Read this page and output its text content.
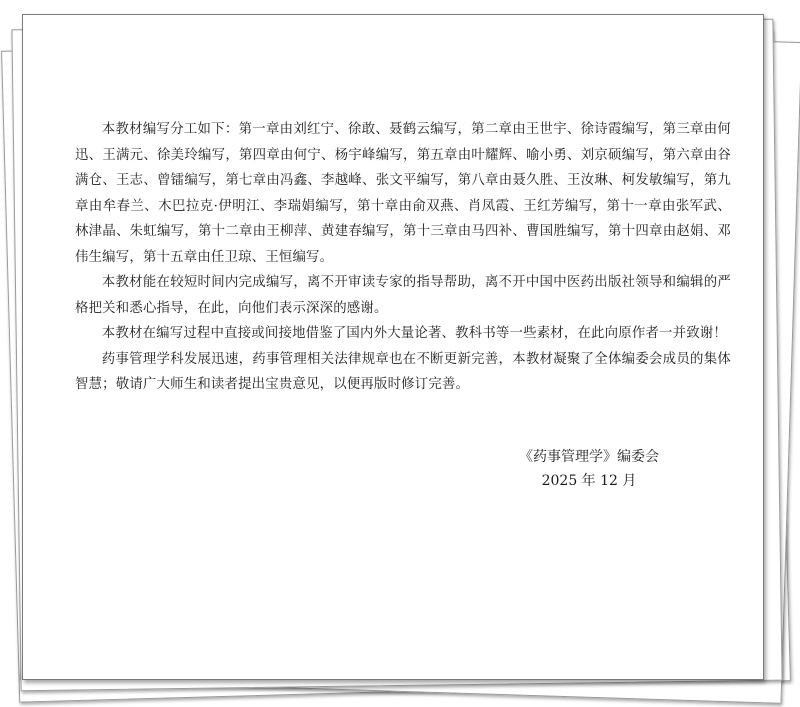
本教材编写分工如下：第一章由刘红宁、徐敢、聂鹤云编写，第二章由王世宇、徐诗霞编写，第三章由何迅、王满元、徐美玲编写，第四章由何宁、杨宇峰编写，第五章由叶耀辉、喻小勇、刘京硕编写，第六章由谷满仓、王志、曾镭编写，第七章由冯鑫、李越峰、张文平编写，第八章由聂久胜、王汝琳、柯发敏编写，第九章由牟春兰、木巴拉克·伊明江、李瑞娟编写，第十章由俞双燕、肖凤霞、王红芳编写，第十一章由张军武、林津晶、朱虹编写，第十二章由王柳萍、黄建春编写，第十三章由马四补、曹国胜编写，第十四章由赵娟、邓伟生编写，第十五章由任卫琼、王恒编写。

本教材能在较短时间内完成编写，离不开审读专家的指导帮助，离不开中国中医药出版社领导和编辑的严格把关和悉心指导，在此，向他们表示深深的感谢。

本教材在编写过程中直接或间接地借鉴了国内外大量论著、教科书等一些素材，在此向原作者一并致谢！

药事管理学科发展迅速，药事管理相关法律规章也在不断更新完善，本教材凝聚了全体编委会成员的集体智慧；敬请广大师生和读者提出宝贵意见，以便再版时修订完善。

《药事管理学》编委会
2025 年 12 月
